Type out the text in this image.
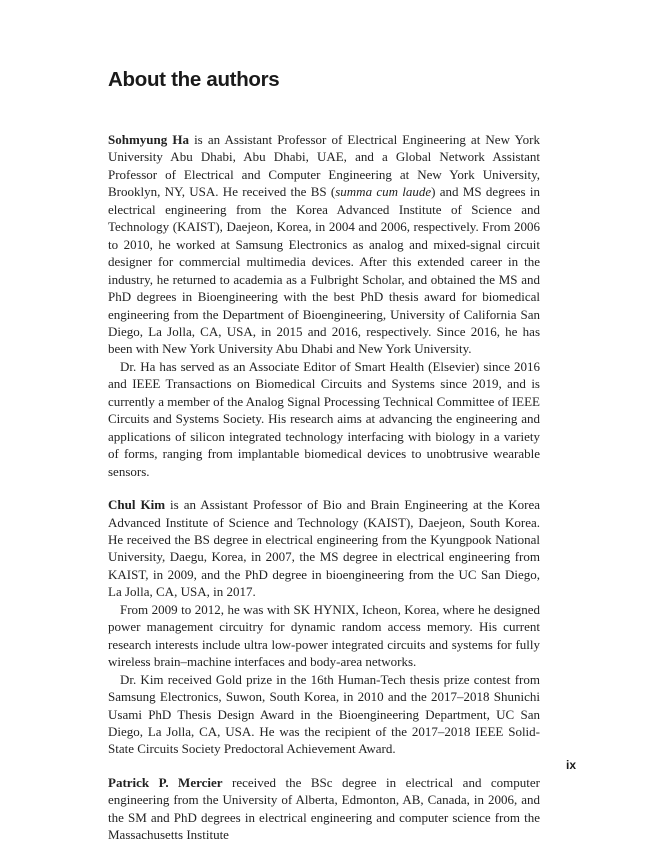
About the authors

Sohmyung Ha is an Assistant Professor of Electrical Engineering at New York University Abu Dhabi, Abu Dhabi, UAE, and a Global Network Assistant Professor of Electrical and Computer Engineering at New York University, Brooklyn, NY, USA. He received the BS (summa cum laude) and MS degrees in electrical engineering from the Korea Advanced Institute of Science and Technology (KAIST), Daejeon, Korea, in 2004 and 2006, respectively. From 2006 to 2010, he worked at Samsung Electronics as analog and mixed-signal circuit designer for commercial multimedia devices. After this extended career in the industry, he returned to academia as a Fulbright Scholar, and obtained the MS and PhD degrees in Bioengineering with the best PhD thesis award for biomedical engineering from the Department of Bioengineering, University of California San Diego, La Jolla, CA, USA, in 2015 and 2016, respectively. Since 2016, he has been with New York University Abu Dhabi and New York University.

Dr. Ha has served as an Associate Editor of Smart Health (Elsevier) since 2016 and IEEE Transactions on Biomedical Circuits and Systems since 2019, and is currently a member of the Analog Signal Processing Technical Committee of IEEE Circuits and Systems Society. His research aims at advancing the engineering and applications of silicon integrated technology interfacing with biology in a variety of forms, ranging from implantable biomedical devices to unobtrusive wearable sensors.

Chul Kim is an Assistant Professor of Bio and Brain Engineering at the Korea Advanced Institute of Science and Technology (KAIST), Daejeon, South Korea. He received the BS degree in electrical engineering from the Kyungpook National University, Daegu, Korea, in 2007, the MS degree in electrical engineering from KAIST, in 2009, and the PhD degree in bioengineering from the UC San Diego, La Jolla, CA, USA, in 2017.

From 2009 to 2012, he was with SK HYNIX, Icheon, Korea, where he designed power management circuitry for dynamic random access memory. His current research interests include ultra low-power integrated circuits and systems for fully wireless brain–machine interfaces and body-area networks.

Dr. Kim received Gold prize in the 16th Human-Tech thesis prize contest from Samsung Electronics, Suwon, South Korea, in 2010 and the 2017–2018 Shunichi Usami PhD Thesis Design Award in the Bioengineering Department, UC San Diego, La Jolla, CA, USA. He was the recipient of the 2017–2018 IEEE Solid-State Circuits Society Predoctoral Achievement Award.

Patrick P. Mercier received the BSc degree in electrical and computer engineering from the University of Alberta, Edmonton, AB, Canada, in 2006, and the SM and PhD degrees in electrical engineering and computer science from the Massachusetts Institute

ix
